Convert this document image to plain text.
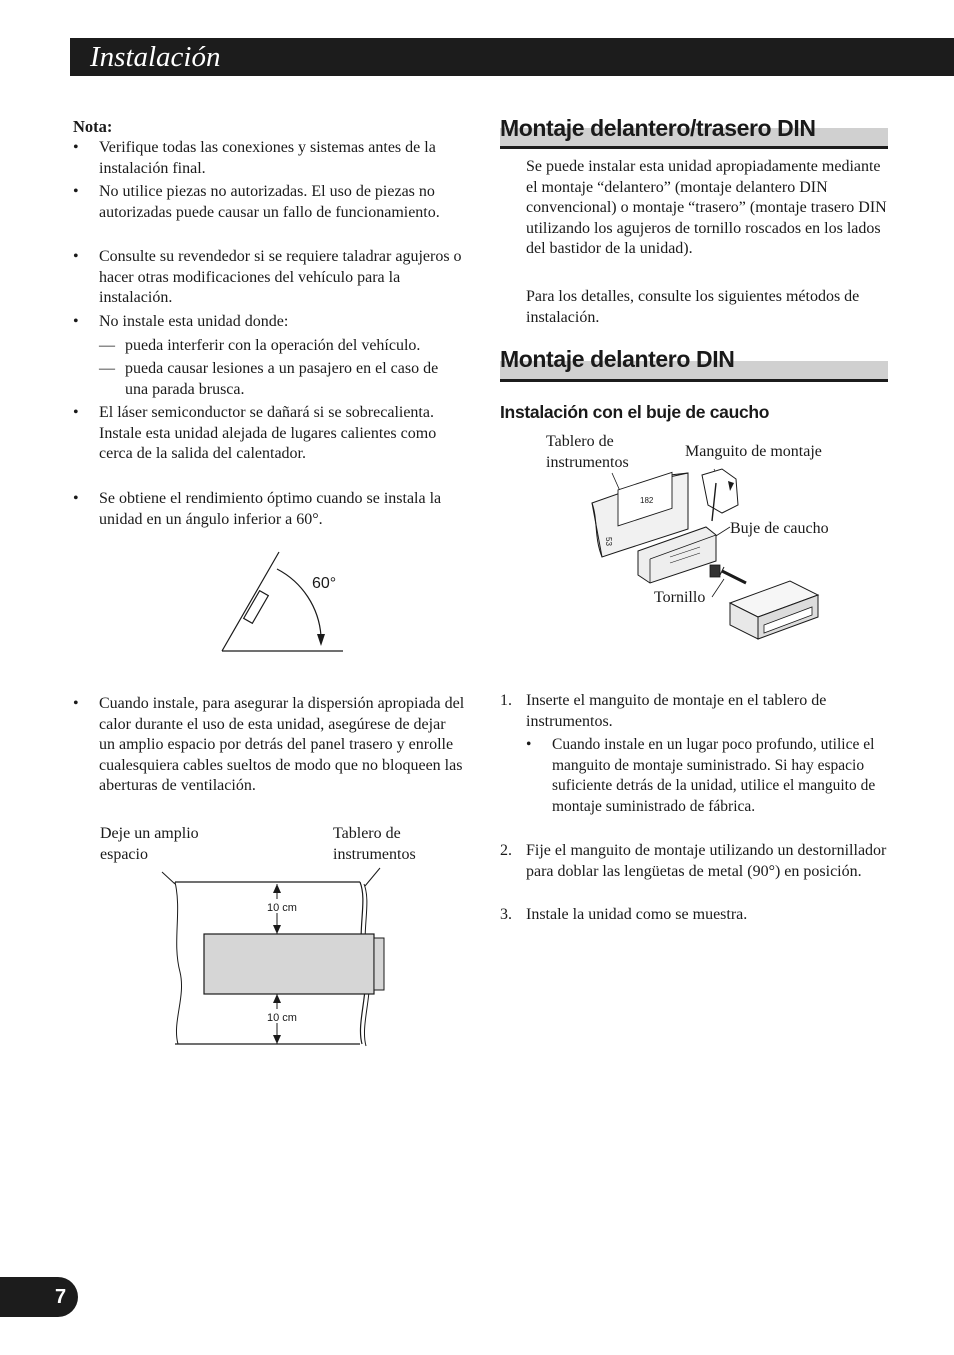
Instalación
Nota:
•	Verifique todas las conexiones y sistemas antes de la instalación final.
•	No utilice piezas no autorizadas. El uso de piezas no autorizadas puede causar un fallo de funcionamiento.
•	Consulte su revendedor si se requiere taladrar agujeros o hacer otras modificaciones del vehículo para la instalación.
•	No instale esta unidad donde:
— pueda interferir con la operación del vehículo.
— pueda causar lesiones a un pasajero en el caso de una parada brusca.
•	El láser semiconductor se dañará si se sobrecalienta. Instale esta unidad alejada de lugares calientes como cerca de la salida del calentador.
•	Se obtiene el rendimiento óptimo cuando se instala la unidad en un ángulo inferior a 60°.
60°
•	Cuando instale, para asegurar la dispersión apropiada del calor durante el uso de esta unidad, asegúrese de dejar un amplio espacio por detrás del panel trasero y enrolle cualesquiera cables sueltos de modo que no bloqueen las aberturas de ventilación.
Deje un amplio espacio
Tablero de instrumentos
10 cm
10 cm
Montaje delantero/trasero DIN
Se puede instalar esta unidad apropiadamente mediante el montaje “delantero” (montaje delantero DIN convencional) o montaje “trasero” (montaje trasero DIN utilizando los agujeros de tornillo roscados en los lados del bastidor de la unidad).
Para los detalles, consulte los siguientes métodos de instalación.
Montaje delantero DIN
Instalación con el buje de caucho
Tablero de instrumentos
Manguito de montaje
Buje de caucho
Tornillo
182
53
1. Inserte el manguito de montaje en el tablero de instrumentos.
•	Cuando instale en un lugar poco profundo, utilice el manguito de montaje suministrado. Si hay espacio suficiente detrás de la unidad, utilice el manguito de montaje suministrado de fábrica.
2. Fije el manguito de montaje utilizando un destornillador para doblar las lengüetas de metal (90°) en posición.
3. Instale la unidad como se muestra.
7
